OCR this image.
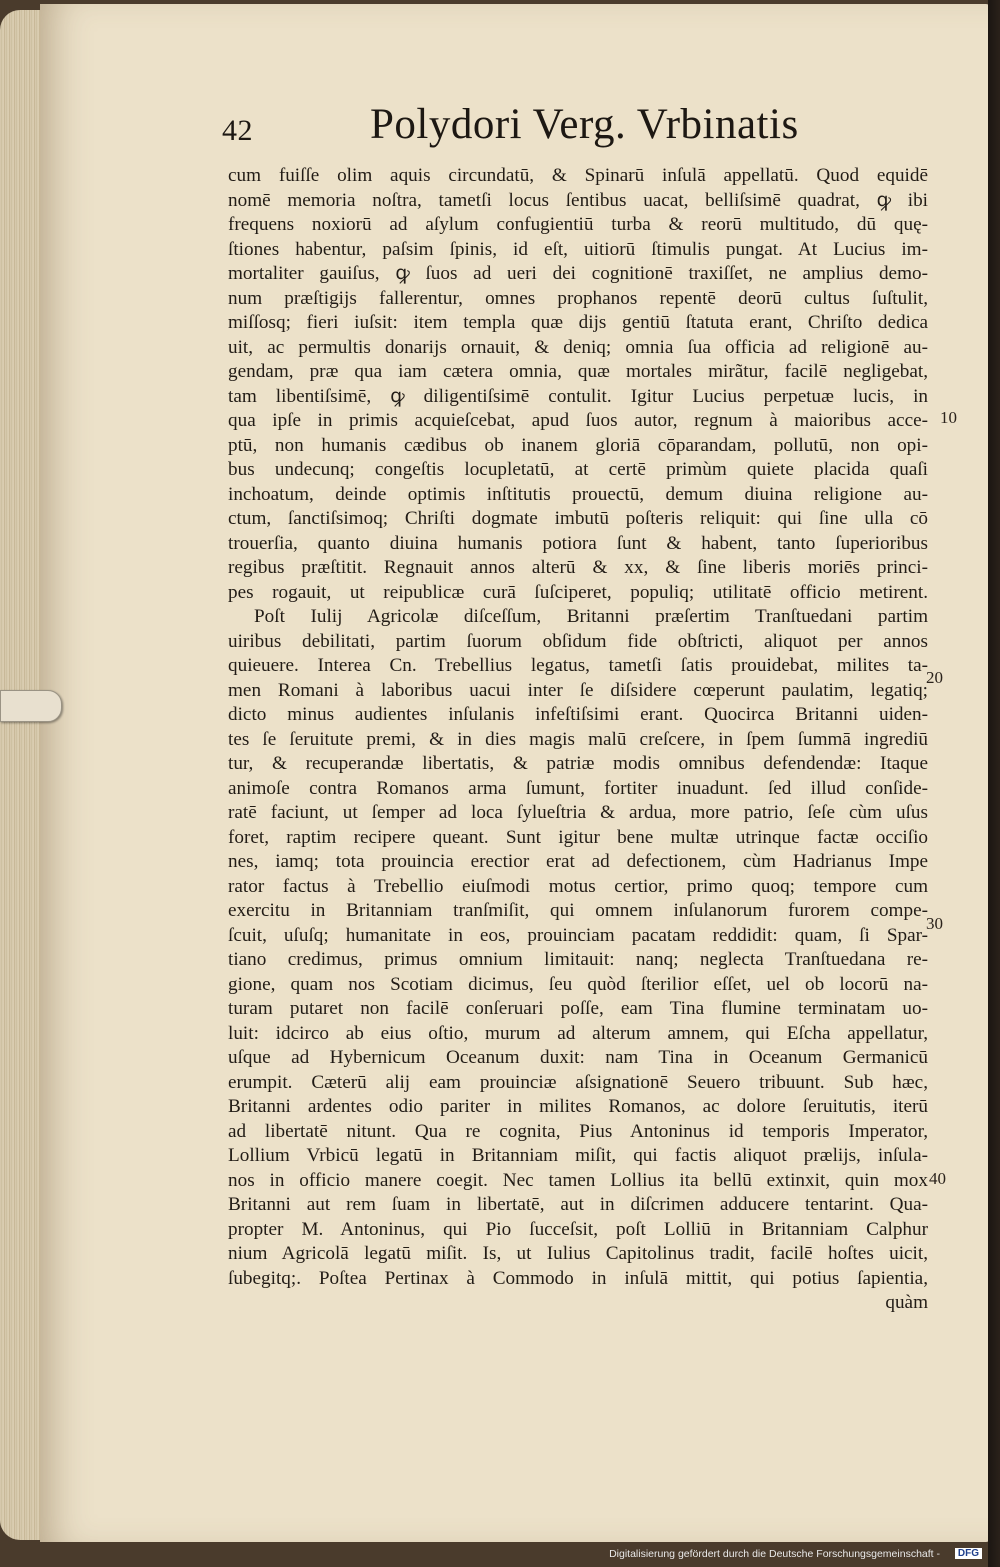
42	Polydori Verg. Vrbinatis
cum fuiſſe olim aquis circundatū, & Spinarū inſulā appellatū. Quod equidē
nomē memoria noſtra, tametſi locus ſentibus uacat, belliſsimē quadrat, ꝙ ibi
frequens noxiorū ad aſylum confugientiū turba & reorū multitudo, dū quę-
ſtiones habentur, paſsim ſpinis, id eſt, uitiorū ſtimulis pungat. At Lucius im-
mortaliter gauiſus, ꝙ ſuos ad ueri dei cognitionē traxiſſet, ne amplius demo-
num præſtigijs fallerentur, omnes prophanos repentē deorū cultus ſuſtulit,
miſſosq; fieri iuſsit: item templa quæ dijs gentiū ſtatuta erant, Chriſto dedica
uit, ac permultis donarijs ornauit, & deniq; omnia ſua officia ad religionē au-
gendam, præ qua iam cætera omnia, quæ mortales mirãtur, facilē negligebat,
tam libentiſsimē, ꝙ diligentiſsimē contulit. Igitur Lucius perpetuæ lucis, in
qua ipſe in primis acquieſcebat, apud ſuos autor, regnum à maioribus acce-
ptū, non humanis cædibus ob inanem gloriā cōparandam, pollutū, non opi-
bus undecunq; congeſtis locupletatū, at certē primùm quiete placida quaſi
inchoatum, deinde optimis inſtitutis prouectū, demum diuina religione au-
ctum, ſanctiſsimoq; Chriſti dogmate imbutū poſteris reliquit: qui ſine ulla cō
trouerſia, quanto diuina humanis potiora ſunt & habent, tanto ſuperioribus
regibus præſtitit. Regnauit annos alterū & xx, & ſine liberis moriēs princi-
pes rogauit, ut reipublicæ curā ſuſciperet, populiq; utilitatē officio metirent.
Poſt Iulij Agricolæ diſceſſum, Britanni præſertim Tranſtuedani partim
uiribus debilitati, partim ſuorum obſidum fide obſtricti, aliquot per annos
quieuere. Interea Cn. Trebellius legatus, tametſi ſatis prouidebat, milites ta-
men Romani à laboribus uacui inter ſe diſsidere cœperunt paulatim, legatiq;
dicto minus audientes inſulanis infeſtiſsimi erant. Quocirca Britanni uiden-
tes ſe ſeruitute premi, & in dies magis malū creſcere, in ſpem ſummā ingrediū
tur, & recuperandæ libertatis, & patriæ modis omnibus defendendæ: Itaque
animoſe contra Romanos arma ſumunt, fortiter inuadunt. ſed illud conſide-
ratē faciunt, ut ſemper ad loca ſylueſtria & ardua, more patrio, ſeſe cùm uſus
foret, raptim recipere queant. Sunt igitur bene multæ utrinque factæ occiſio
nes, iamq; tota prouincia erectior erat ad defectionem, cùm Hadrianus Impe
rator factus à Trebellio eiuſmodi motus certior, primo quoq; tempore cum
exercitu in Britanniam tranſmiſit, qui omnem inſulanorum furorem compe-
ſcuit, uſuſq; humanitate in eos, prouinciam pacatam reddidit: quam, ſi Spar-
tiano credimus, primus omnium limitauit: nanq; neglecta Tranſtuedana re-
gione, quam nos Scotiam dicimus, ſeu quòd ſterilior eſſet, uel ob locorū na-
turam putaret non facilē conſeruari poſſe, eam Tina flumine terminatam uo-
luit: idcirco ab eius oſtio, murum ad alterum amnem, qui Eſcha appellatur,
uſque ad Hybernicum Oceanum duxit: nam Tina in Oceanum Germanicū
erumpit. Cæterū alij eam prouinciæ aſsignationē Seuero tribuunt. Sub hæc,
Britanni ardentes odio pariter in milites Romanos, ac dolore ſeruitutis, iterū
ad libertatē nitunt. Qua re cognita, Pius Antoninus id temporis Imperator,
Lollium Vrbicū legatū in Britanniam miſit, qui factis aliquot prælijs, inſula-
nos in officio manere coegit. Nec tamen Lollius ita bellū extinxit, quin mox
Britanni aut rem ſuam in libertatē, aut in diſcrimen adducere tentarint. Qua-
propter M. Antoninus, qui Pio ſucceſsit, poſt Lolliū in Britanniam Calphur
nium Agricolā legatū miſit. Is, ut Iulius Capitolinus tradit, facilē hoſtes uicit,
ſubegitq;. Poſtea Pertinax à Commodo in inſulā mittit, qui potius ſapientia,
quàm
10
20
30
40
Digitalisierung gefördert durch die Deutsche Forschungsgemeinschaft -	DFG
